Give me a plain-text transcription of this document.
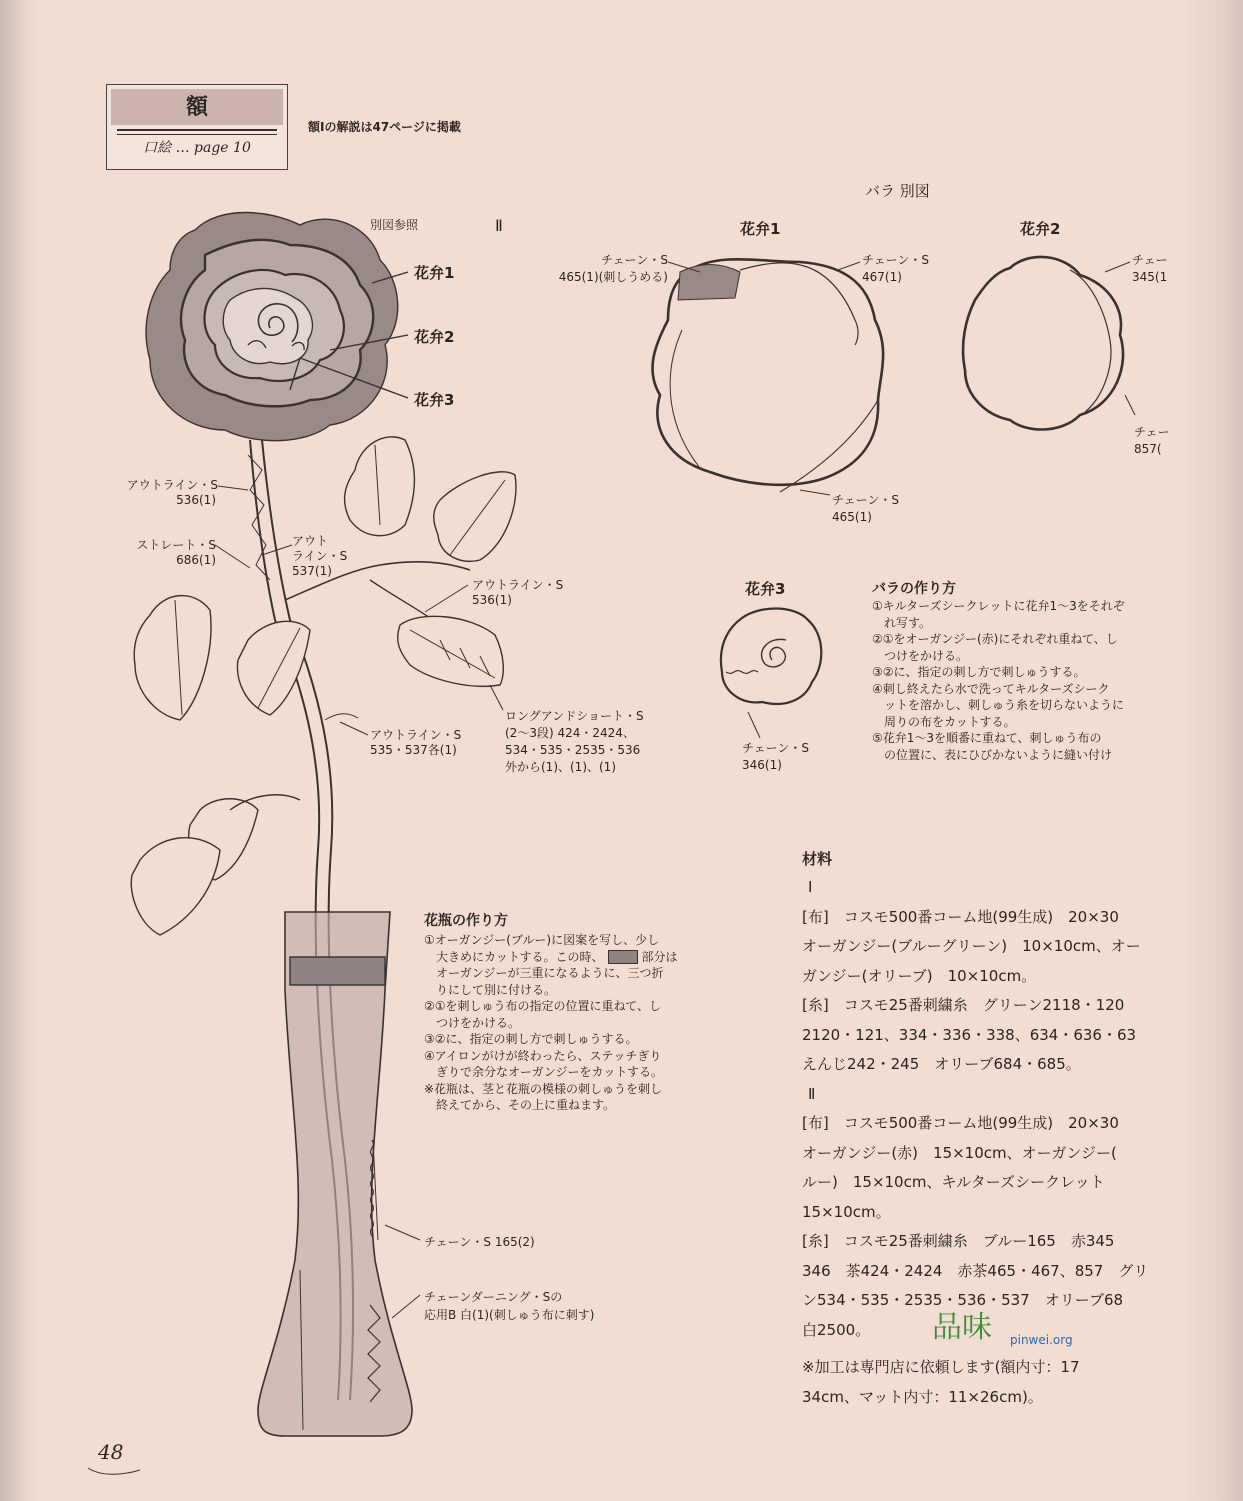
額
口絵 … page 10
額Ⅰの解説は47ページに掲載
別図参照	Ⅱ
花弁1
花弁2
花弁3
アウトライン・S
536(1)
ストレート・S
686(1)
アウト
ライン・S
537(1)
アウトライン・S
536(1)
アウトライン・S
535・537各(1)
ロングアンドショート・S
(2〜3段) 424・2424、
534・535・2535・536
外から(1)、(1)、(1)
チェーン・S 165(2)
チェーンダーニング・Sの
応用B 白(1)(刺しゅう布に刺す)
花瓶の作り方
①オーガンジー(ブルー)に図案を写し、少し
大きめにカットする。この時、	部分は
オーガンジーが三重になるように、三つ折
りにして別に付ける。
②①を刺しゅう布の指定の位置に重ねて、し
つけをかける。
③②に、指定の刺し方で刺しゅうする。
④アイロンがけが終わったら、ステッチぎり
ぎりで余分なオーガンジーをカットする。
※花瓶は、茎と花瓶の模様の刺しゅうを刺し
終えてから、その上に重ねます。
バラ 別図
花弁1	花弁2
花弁3
チェーン・S
465(1)(刺しうめる)
チェーン・S
467(1)
チェーン・S
465(1)
チェー
345(1
チェー
857(
チェーン・S
346(1)
バラの作り方
①キルターズシークレットに花弁1〜3をそれぞ
れ写す。
②①をオーガンジー(赤)にそれぞれ重ねて、し
つけをかける。
③②に、指定の刺し方で刺しゅうする。
④刺し終えたら水で洗ってキルターズシーク
ットを溶かし、刺しゅう糸を切らないように
周りの布をカットする。
⑤花弁1〜3を順番に重ねて、刺しゅう布の
の位置に、表にひびかないように縫い付け
材料
Ⅰ
[布]　コスモ500番コーム地(99生成)　20×30
オーガンジー(ブルーグリーン)　10×10cm、オー
ガンジー(オリーブ)　10×10cm。
[糸]　コスモ25番刺繍糸　グリーン2118・120
2120・121、334・336・338、634・636・63
えんじ242・245　オリーブ684・685。
Ⅱ
[布]　コスモ500番コーム地(99生成)　20×30
オーガンジー(赤)　15×10cm、オーガンジー(
ルー)　15×10cm、キルターズシークレット
15×10cm。
[糸]　コスモ25番刺繍糸　ブルー165　赤345
346　茶424・2424　赤茶465・467、857　グリ
ン534・535・2535・536・537　オリーブ68
白2500。
※加工は専門店に依頼します(額内寸：17
34cm、マット内寸：11×26cm)。
品味 pinwei.org
48
